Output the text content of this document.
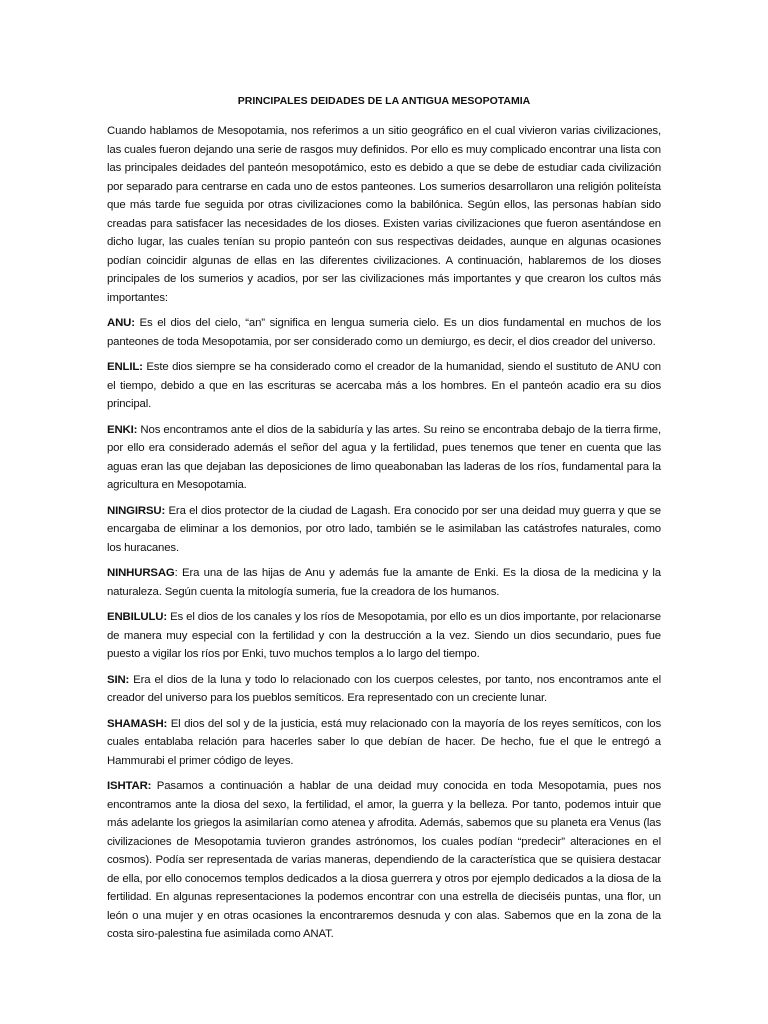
PRINCIPALES DEIDADES DE LA ANTIGUA MESOPOTAMIA

Cuando hablamos de Mesopotamia, nos referimos a un sitio geográfico en el cual vivieron varias civilizaciones, las cuales fueron dejando una serie de rasgos muy definidos. Por ello es muy complicado encontrar una lista con las principales deidades del panteón mesopotámico, esto es debido a que se debe de estudiar cada civilización por separado para centrarse en cada uno de estos panteones. Los sumerios desarrollaron una religión politeísta que más tarde fue seguida por otras civilizaciones como la babilónica. Según ellos, las personas habían sido creadas para satisfacer las necesidades de los dioses. Existen varias civilizaciones que fueron asentándose en dicho lugar, las cuales tenían su propio panteón con sus respectivas deidades, aunque en algunas ocasiones podían coincidir algunas de ellas en las diferentes civilizaciones. A continuación, hablaremos de los dioses principales de los sumerios y acadios, por ser las civilizaciones más importantes y que crearon los cultos más importantes:

ANU: Es el dios del cielo, “an” significa en lengua sumeria cielo. Es un dios fundamental en muchos de los panteones de toda Mesopotamia, por ser considerado como un demiurgo, es decir, el dios creador del universo.

ENLIL: Este dios siempre se ha considerado como el creador de la humanidad, siendo el sustituto de ANU con el tiempo, debido a que en las escrituras se acercaba más a los hombres. En el panteón acadio era su dios principal.

ENKI: Nos encontramos ante el dios de la sabiduría y las artes. Su reino se encontraba debajo de la tierra firme, por ello era considerado además el señor del agua y la fertilidad, pues tenemos que tener en cuenta que las aguas eran las que dejaban las deposiciones de limo queabonaban las laderas de los ríos, fundamental para la agricultura en Mesopotamia.

NINGIRSU: Era el dios protector de la ciudad de Lagash. Era conocido por ser una deidad muy guerra y que se encargaba de eliminar a los demonios, por otro lado, también se le asimilaban las catástrofes naturales, como los huracanes.

NINHURSAG: Era una de las hijas de Anu y además fue la amante de Enki. Es la diosa de la medicina y la naturaleza. Según cuenta la mitología sumeria, fue la creadora de los humanos.

ENBILULU: Es el dios de los canales y los ríos de Mesopotamia, por ello es un dios importante, por relacionarse de manera muy especial con la fertilidad y con la destrucción a la vez. Siendo un dios secundario, pues fue puesto a vigilar los ríos por Enki, tuvo muchos templos a lo largo del tiempo.

SIN: Era el dios de la luna y todo lo relacionado con los cuerpos celestes, por tanto, nos encontramos ante el creador del universo para los pueblos semíticos. Era representado con un creciente lunar.

SHAMASH: El dios del sol y de la justicia, está muy relacionado con la mayoría de los reyes semíticos, con los cuales entablaba relación para hacerles saber lo que debían de hacer. De hecho, fue el que le entregó a Hammurabi el primer código de leyes.

ISHTAR: Pasamos a continuación a hablar de una deidad muy conocida en toda Mesopotamia, pues nos encontramos ante la diosa del sexo, la fertilidad, el amor, la guerra y la belleza. Por tanto, podemos intuir que más adelante los griegos la asimilarían como atenea y afrodita. Además, sabemos que su planeta era Venus (las civilizaciones de Mesopotamia tuvieron grandes astrónomos, los cuales podían “predecir” alteraciones en el cosmos). Podía ser representada de varias maneras, dependiendo de la característica que se quisiera destacar de ella, por ello conocemos templos dedicados a la diosa guerrera y otros por ejemplo dedicados a la diosa de la fertilidad. En algunas representaciones la podemos encontrar con una estrella de dieciséis puntas, una flor, un león o una mujer y en otras ocasiones la encontraremos desnuda y con alas. Sabemos que en la zona de la costa siro-palestina fue asimilada como ANAT.
